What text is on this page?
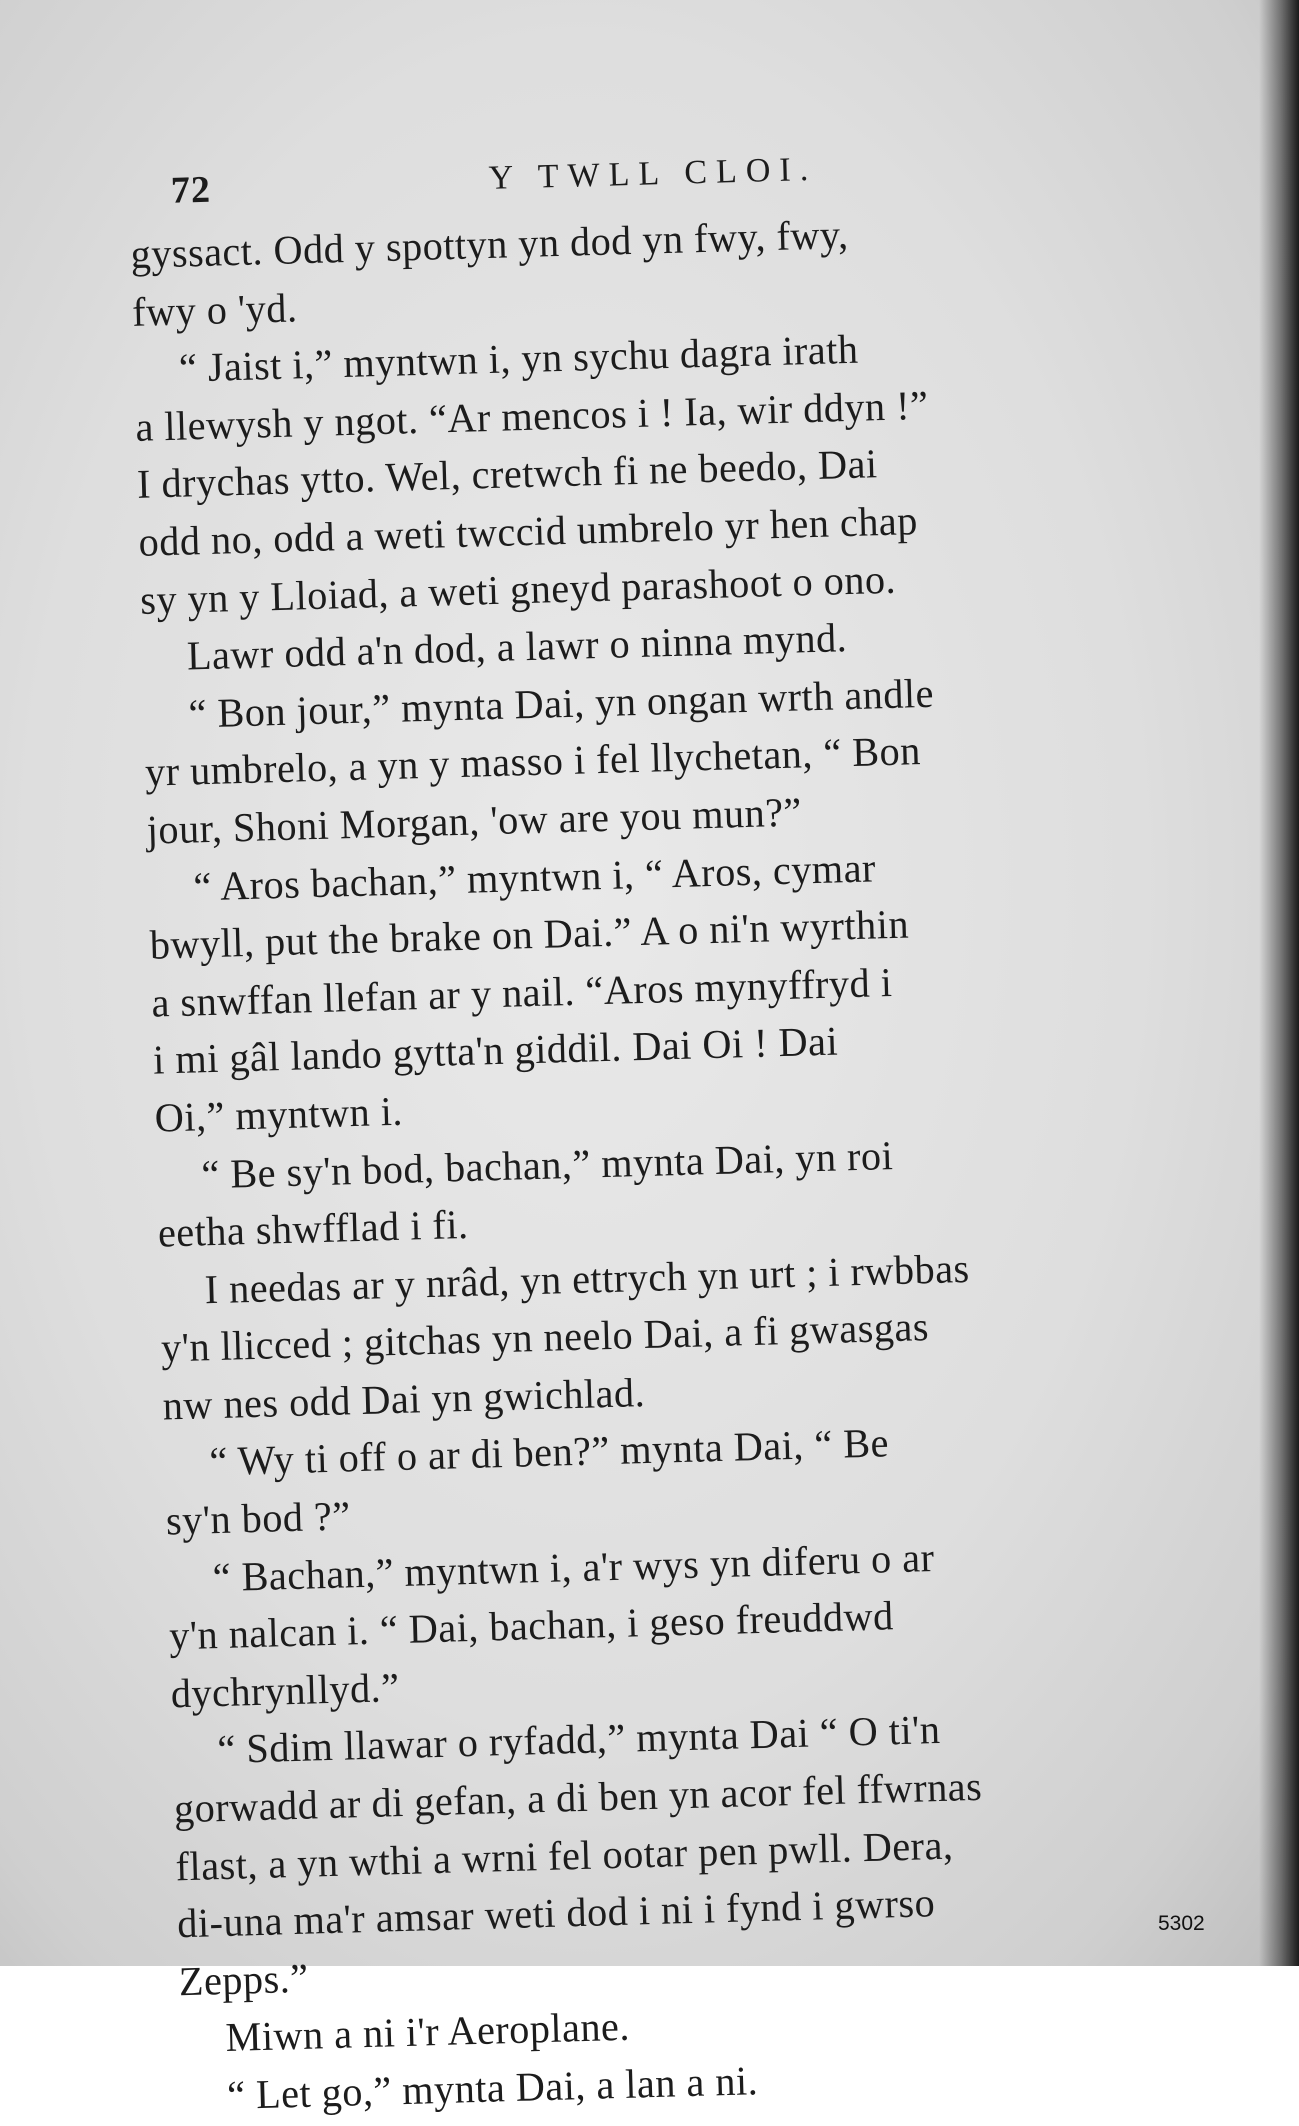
72	Y TWLL CLOI.
gyssact. Odd y spottyn yn dod yn fwy, fwy,
fwy o 'yd.
“ Jaist i,” myntwn i, yn sychu dagra irath
a llewysh y ngot. “Ar mencos i ! Ia, wir ddyn !”
I drychas ytto. Wel, cretwch fi ne beedo, Dai
odd no, odd a weti twccid umbrelo yr hen chap
sy yn y Lloiad, a weti gneyd parashoot o ono.
Lawr odd a'n dod, a lawr o ninna mynd.
“ Bon jour,” mynta Dai, yn ongan wrth andle
yr umbrelo, a yn y masso i fel llychetan, “ Bon
jour, Shoni Morgan, 'ow are you mun?”
“ Aros bachan,” myntwn i, “ Aros, cymar
bwyll, put the brake on Dai.” A o ni'n wyrthin
a snwffan llefan ar y nail. “Aros mynyffryd i
i mi gâl lando gytta'n giddil. Dai Oi ! Dai
Oi,” myntwn i.
“ Be sy'n bod, bachan,” mynta Dai, yn roi
eetha shwfflad i fi.
I needas ar y nrâd, yn ettrych yn urt ; i rwbbas
y'n llicced ; gitchas yn neelo Dai, a fi gwasgas
nw nes odd Dai yn gwichlad.
“ Wy ti off o ar di ben?” mynta Dai, “ Be
sy'n bod ?”
“ Bachan,” myntwn i, a'r wys yn diferu o ar
y'n nalcan i. “ Dai, bachan, i geso freuddwd
dychrynllyd.”
“ Sdim llawar o ryfadd,” mynta Dai “ O ti'n
gorwadd ar di gefan, a di ben yn acor fel ffwrnas
flast, a yn wthi a wrni fel ootar pen pwll. Dera,
di-una ma'r amsar weti dod i ni i fynd i gwrso
Zepps.”
Miwn a ni i'r Aeroplane.
“ Let go,” mynta Dai, a lan a ni.
5302
